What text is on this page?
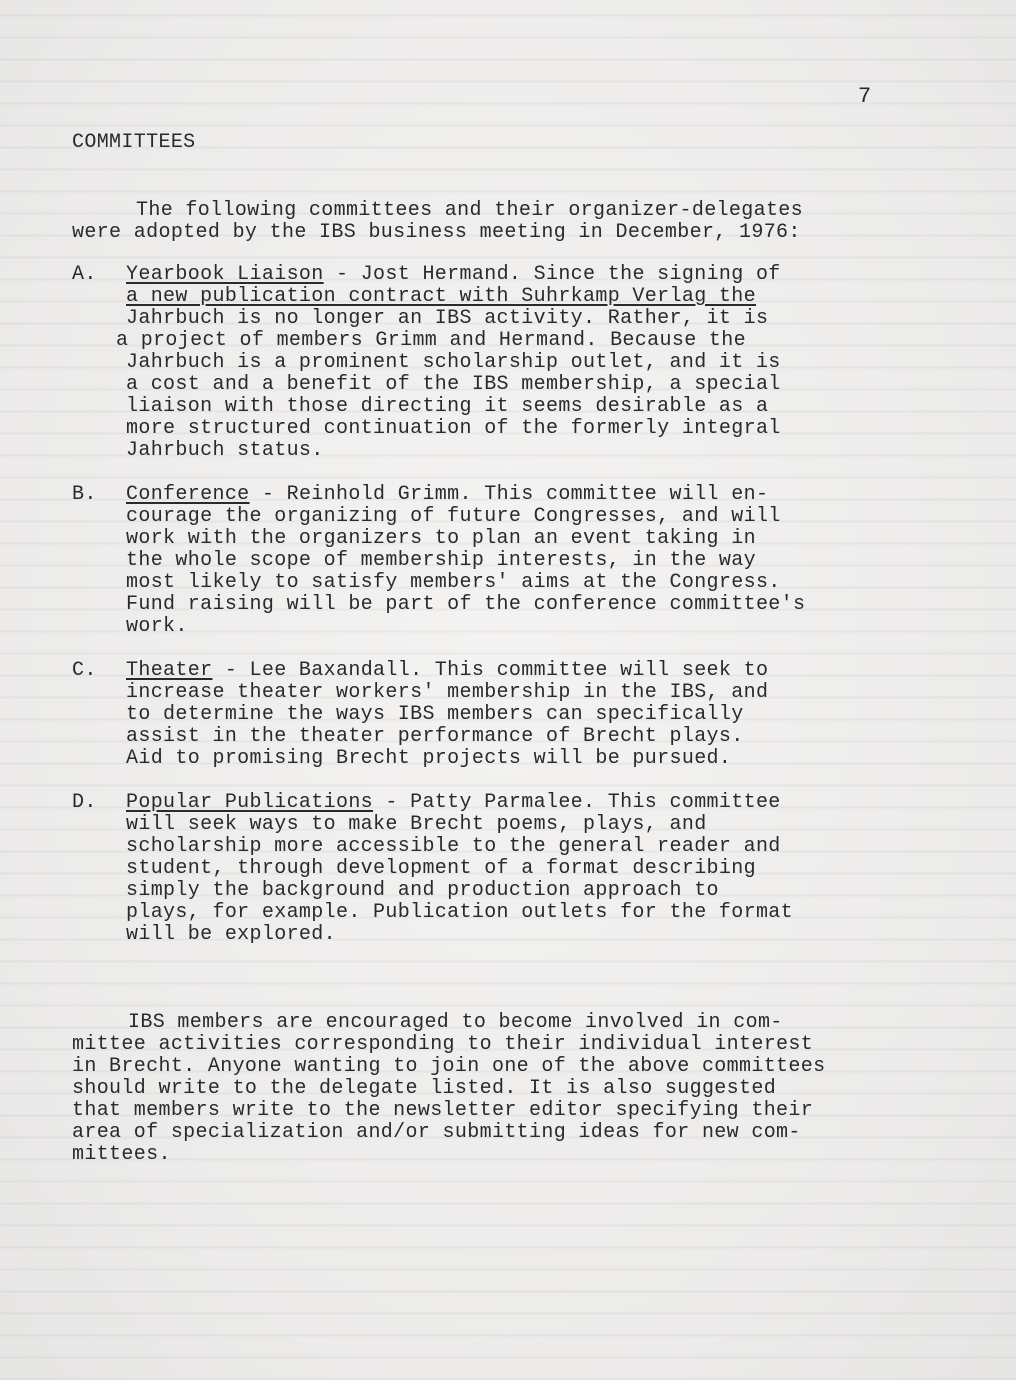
7
COMMITTEES
The following committees and their organizer-delegates
were adopted by the IBS business meeting in December, 1976:
A. Yearbook Liaison - Jost Hermand. Since the signing of
a new publication contract with Suhrkamp Verlag the
Jahrbuch is no longer an IBS activity. Rather, it is
a project of members Grimm and Hermand. Because the
Jahrbuch is a prominent scholarship outlet, and it is
a cost and a benefit of the IBS membership, a special
liaison with those directing it seems desirable as a
more structured continuation of the formerly integral
Jahrbuch status.
B. Conference - Reinhold Grimm. This committee will en-
courage the organizing of future Congresses, and will
work with the organizers to plan an event taking in
the whole scope of membership interests, in the way
most likely to satisfy members' aims at the Congress.
Fund raising will be part of the conference committee's
work.
C. Theater - Lee Baxandall. This committee will seek to
increase theater workers' membership in the IBS, and
to determine the ways IBS members can specifically
assist in the theater performance of Brecht plays.
Aid to promising Brecht projects will be pursued.
D. Popular Publications - Patty Parmalee. This committee
will seek ways to make Brecht poems, plays, and
scholarship more accessible to the general reader and
student, through development of a format describing
simply the background and production approach to
plays, for example. Publication outlets for the format
will be explored.
IBS members are encouraged to become involved in com-
mittee activities corresponding to their individual interest
in Brecht. Anyone wanting to join one of the above committees
should write to the delegate listed. It is also suggested
that members write to the newsletter editor specifying their
area of specialization and/or submitting ideas for new com-
mittees.
